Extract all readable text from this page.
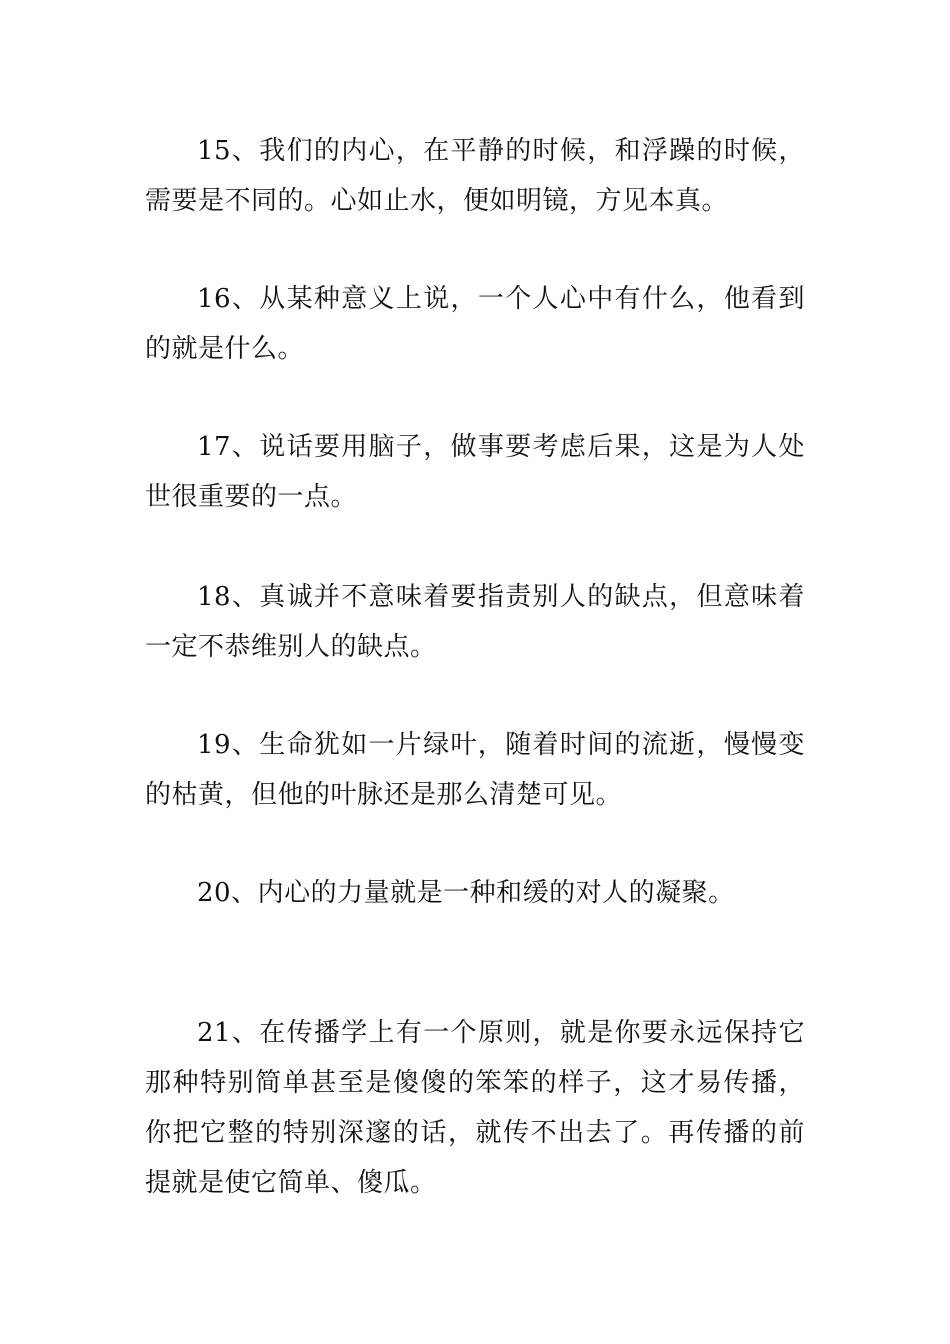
15、我们的内心，在平静的时候，和浮躁的时候，需要是不同的。心如止水，便如明镜，方见本真。

16、从某种意义上说，一个人心中有什么，他看到的就是什么。

17、说话要用脑子，做事要考虑后果，这是为人处世很重要的一点。

18、真诚并不意味着要指责别人的缺点，但意味着一定不恭维别人的缺点。

19、生命犹如一片绿叶，随着时间的流逝，慢慢变的枯黄，但他的叶脉还是那么清楚可见。

20、内心的力量就是一种和缓的对人的凝聚。

21、在传播学上有一个原则，就是你要永远保持它那种特别简单甚至是傻傻的笨笨的样子，这才易传播，你把它整的特别深邃的话，就传不出去了。再传播的前提就是使它简单、傻瓜。
